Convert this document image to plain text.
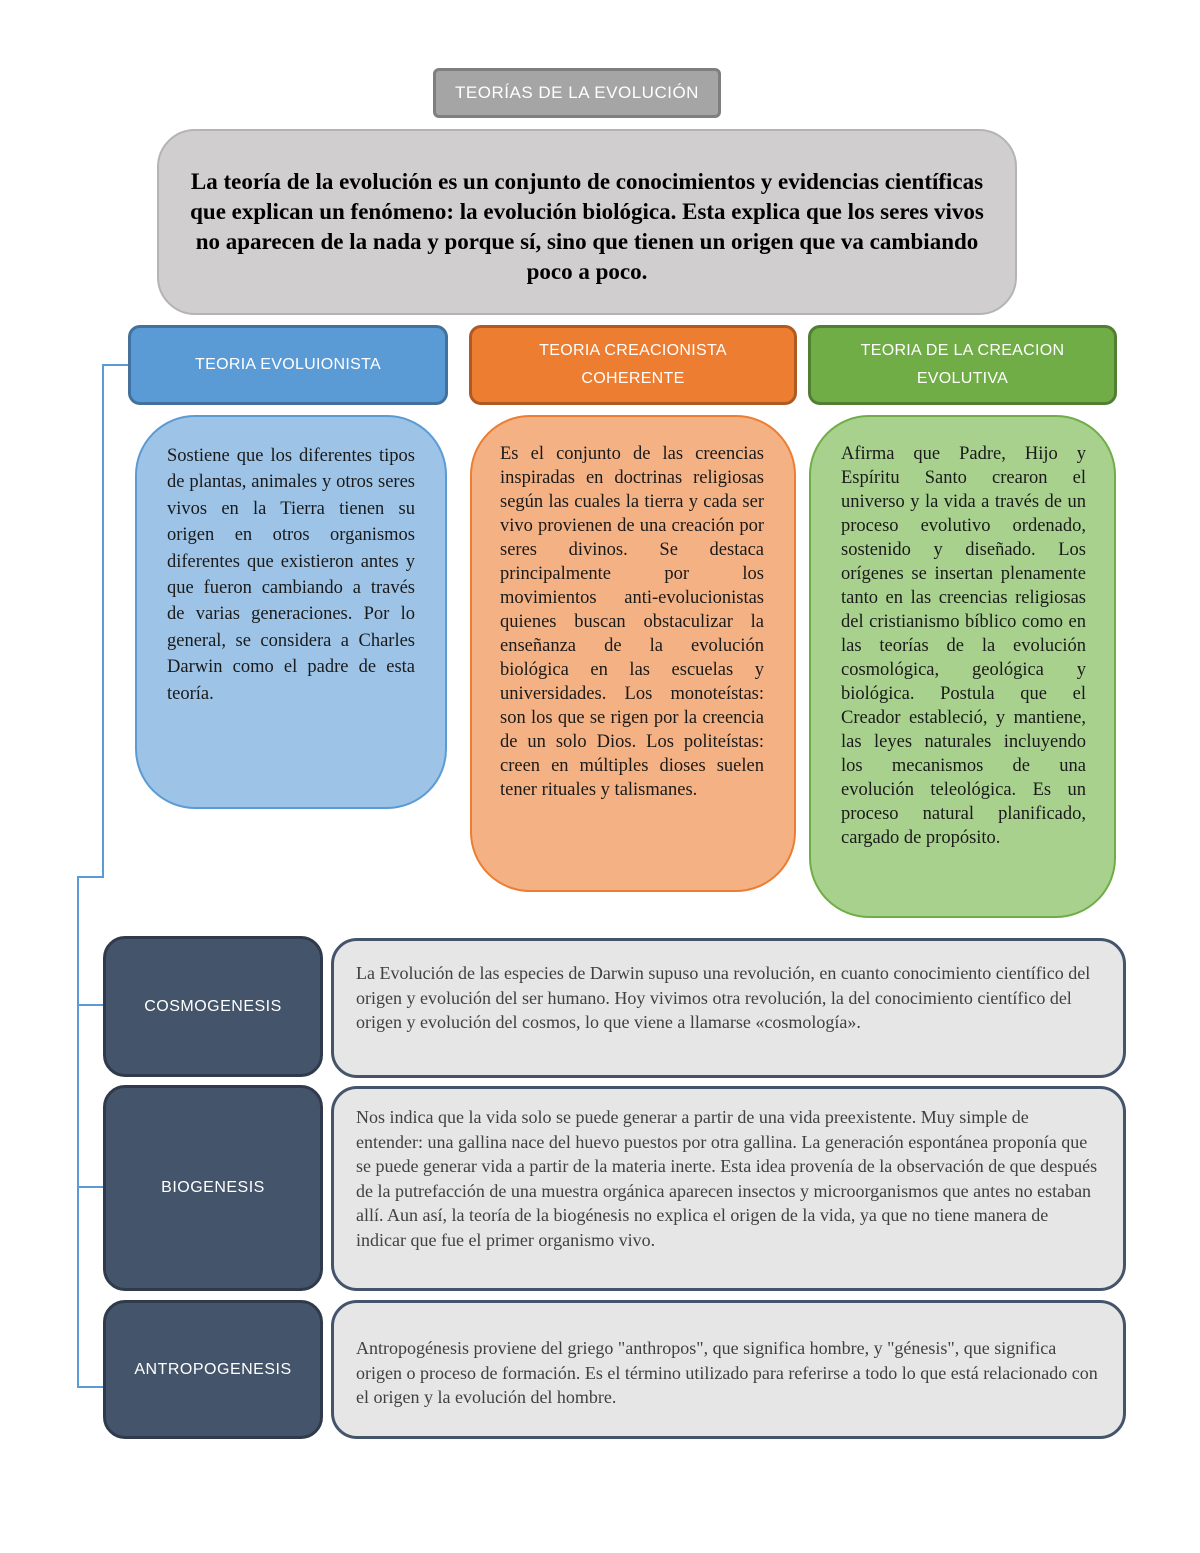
TEORÍAS DE LA EVOLUCIÓN
La teoría de la evolución es un conjunto de conocimientos y evidencias científicas que explican un fenómeno: la evolución biológica. Esta explica que los seres vivos no aparecen de la nada y porque sí, sino que tienen un origen que va cambiando poco a poco.
TEORIA EVOLUIONISTA
TEORIA CREACIONISTA COHERENTE
TEORIA DE LA CREACION EVOLUTIVA
Sostiene que los diferentes tipos de plantas, animales y otros seres vivos en la Tierra tienen su origen en otros organismos diferentes que existieron antes y que fueron cambiando a través de varias generaciones. Por lo general, se considera a Charles Darwin como el padre de esta teoría.
Es el conjunto de las creencias inspiradas en doctrinas religiosas según las cuales la tierra y cada ser vivo provienen de una creación por seres divinos. Se destaca principalmente por los movimientos anti-evolucionistas quienes buscan obstaculizar la enseñanza de la evolución biológica en las escuelas y universidades. Los monoteístas: son los que se rigen por la creencia de un solo Dios. Los politeístas: creen en múltiples dioses suelen tener rituales y talismanes.
Afirma que Padre, Hijo y Espíritu Santo crearon el universo y la vida a través de un proceso evolutivo ordenado, sostenido y diseñado. Los orígenes se insertan plenamente tanto en las creencias religiosas del cristianismo bíblico como en las teorías de la evolución cosmológica, geológica y biológica. Postula que el Creador estableció, y mantiene, las leyes naturales incluyendo los mecanismos de una evolución teleológica. Es un proceso natural planificado, cargado de propósito.
COSMOGENESIS
La Evolución de las especies de Darwin supuso una revolución, en cuanto conocimiento científico del origen y evolución del ser humano. Hoy vivimos otra revolución, la del conocimiento científico del origen y evolución del cosmos, lo que viene a llamarse «cosmología».
BIOGENESIS
Nos indica que la vida solo se puede generar a partir de una vida preexistente. Muy simple de entender: una gallina nace del huevo puestos por otra gallina. La generación espontánea proponía que se puede generar vida a partir de la materia inerte. Esta idea provenía de la observación de que después de la putrefacción de una muestra orgánica aparecen insectos y microorganismos que antes no estaban allí. Aun así, la teoría de la biogénesis no explica el origen de la vida, ya que no tiene manera de indicar que fue el primer organismo vivo.
ANTROPOGENESIS
Antropogénesis proviene del griego "anthropos", que significa hombre, y "génesis", que significa origen o proceso de formación. Es el término utilizado para referirse a todo lo que está relacionado con el origen y la evolución del hombre.
